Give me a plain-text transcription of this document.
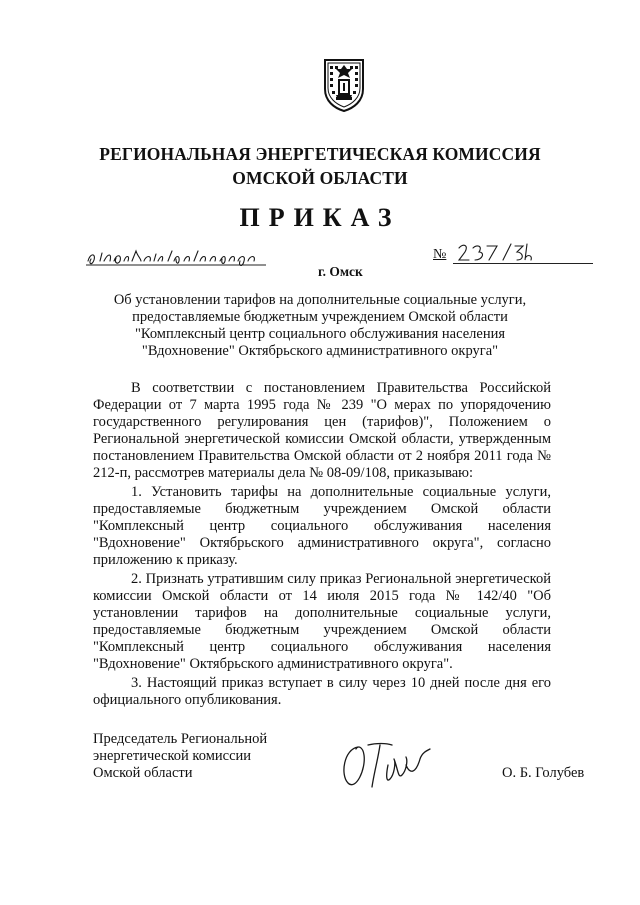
РЕГИОНАЛЬНАЯ ЭНЕРГЕТИЧЕСКАЯ КОМИССИЯ
ОМСКОЙ ОБЛАСТИ
ПРИКАЗ
№
г. Омск
Об установлении тарифов на дополнительные социальные услуги,
предоставляемые бюджетным учреждением Омской области
"Комплексный центр социального обслуживания населения
"Вдохновение" Октябрьского административного округа"

В соответствии с постановлением Правительства Российской Федерации от 7 марта 1995 года № 239 "О мерах по упорядочению государственного регулирования цен (тарифов)", Положением о Региональной энергетической комиссии Омской области, утвержденным постановлением Правительства Омской области от 2 ноября 2011 года № 212-п, рассмотрев материалы дела № 08-09/108, приказываю:

1. Установить тарифы на дополнительные социальные услуги, предоставляемые бюджетным учреждением Омской области "Комплексный центр социального обслуживания населения "Вдохновение" Октябрьского административного округа", согласно приложению к приказу.

2. Признать утратившим силу приказ Региональной энергетической комиссии Омской области от 14 июля 2015 года № 142/40 "Об установлении тарифов на дополнительные социальные услуги, предоставляемые бюджетным учреждением Омской области "Комплексный центр социального обслуживания населения "Вдохновение" Октябрьского административного округа".

3. Настоящий приказ вступает в силу через 10 дней после дня его официального опубликования.

Председатель Региональной
энергетической комиссии
Омской области	О. Б. Голубев
